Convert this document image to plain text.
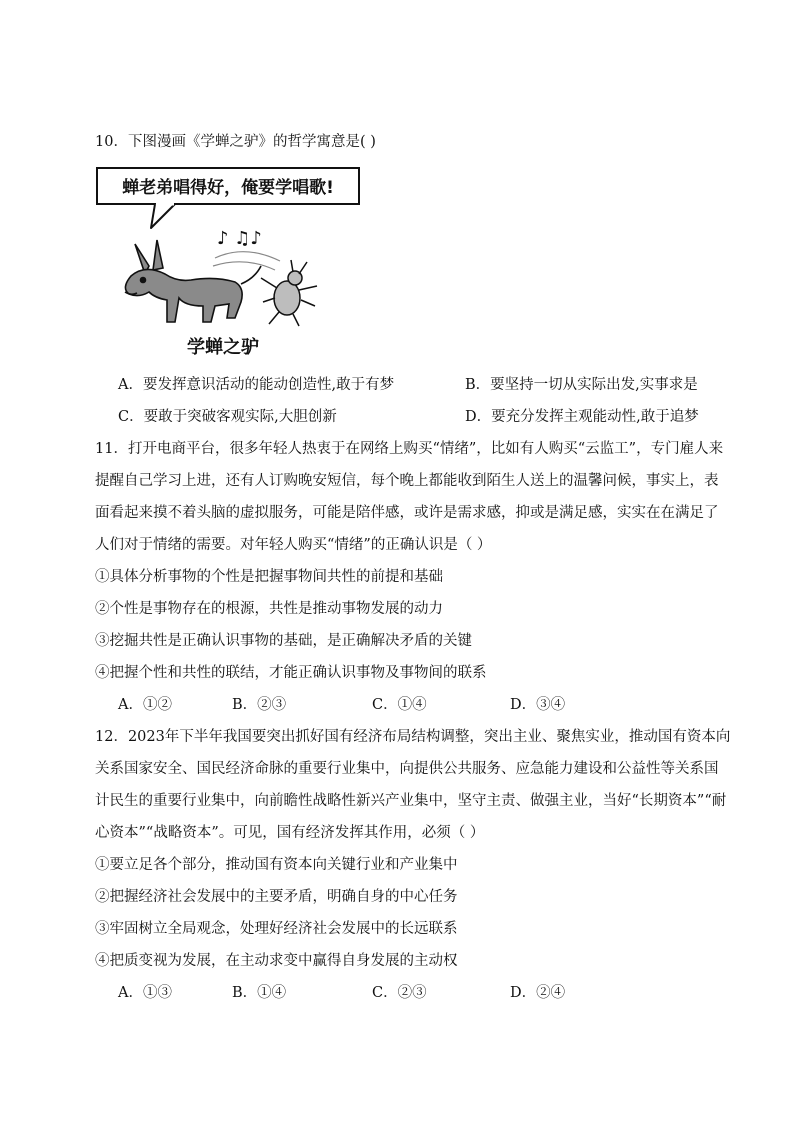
10．下图漫画《学蝉之驴》的哲学寓意是( )
蝉老弟唱得好，俺要学唱歌!
♪ ♫♪
学蝉之驴
A．要发挥意识活动的能动创造性,敢于有梦	B．要坚持一切从实际出发,实事求是
C．要敢于突破客观实际,大胆创新	D．要充分发挥主观能动性,敢于追梦
11．打开电商平台，很多年轻人热衷于在网络上购买“情绪”，比如有人购买“云监工”，专门雇人来
提醒自己学习上进，还有人订购晚安短信，每个晚上都能收到陌生人送上的温馨问候，事实上，表
面看起来摸不着头脑的虚拟服务，可能是陪伴感，或许是需求感，抑或是满足感，实实在在满足了
人们对于情绪的需要。对年轻人购买“情绪”的正确认识是（ ）
①具体分析事物的个性是把握事物间共性的前提和基础
②个性是事物存在的根源，共性是推动事物发展的动力
③挖掘共性是正确认识事物的基础，是正确解决矛盾的关键
④把握个性和共性的联结，才能正确认识事物及事物间的联系
A．①②	B．②③	C．①④	D．③④
12．2023年下半年我国要突出抓好国有经济布局结构调整，突出主业、聚焦实业，推动国有资本向
关系国家安全、国民经济命脉的重要行业集中，向提供公共服务、应急能力建设和公益性等关系国
计民生的重要行业集中，向前瞻性战略性新兴产业集中，坚守主责、做强主业，当好“长期资本”“耐
心资本”“战略资本”。可见，国有经济发挥其作用，必须（ ）
①要立足各个部分，推动国有资本向关键行业和产业集中
②把握经济社会发展中的主要矛盾，明确自身的中心任务
③牢固树立全局观念，处理好经济社会发展中的长远联系
④把质变视为发展，在主动求变中赢得自身发展的主动权
A．①③	B．①④	C．②③	D．②④
